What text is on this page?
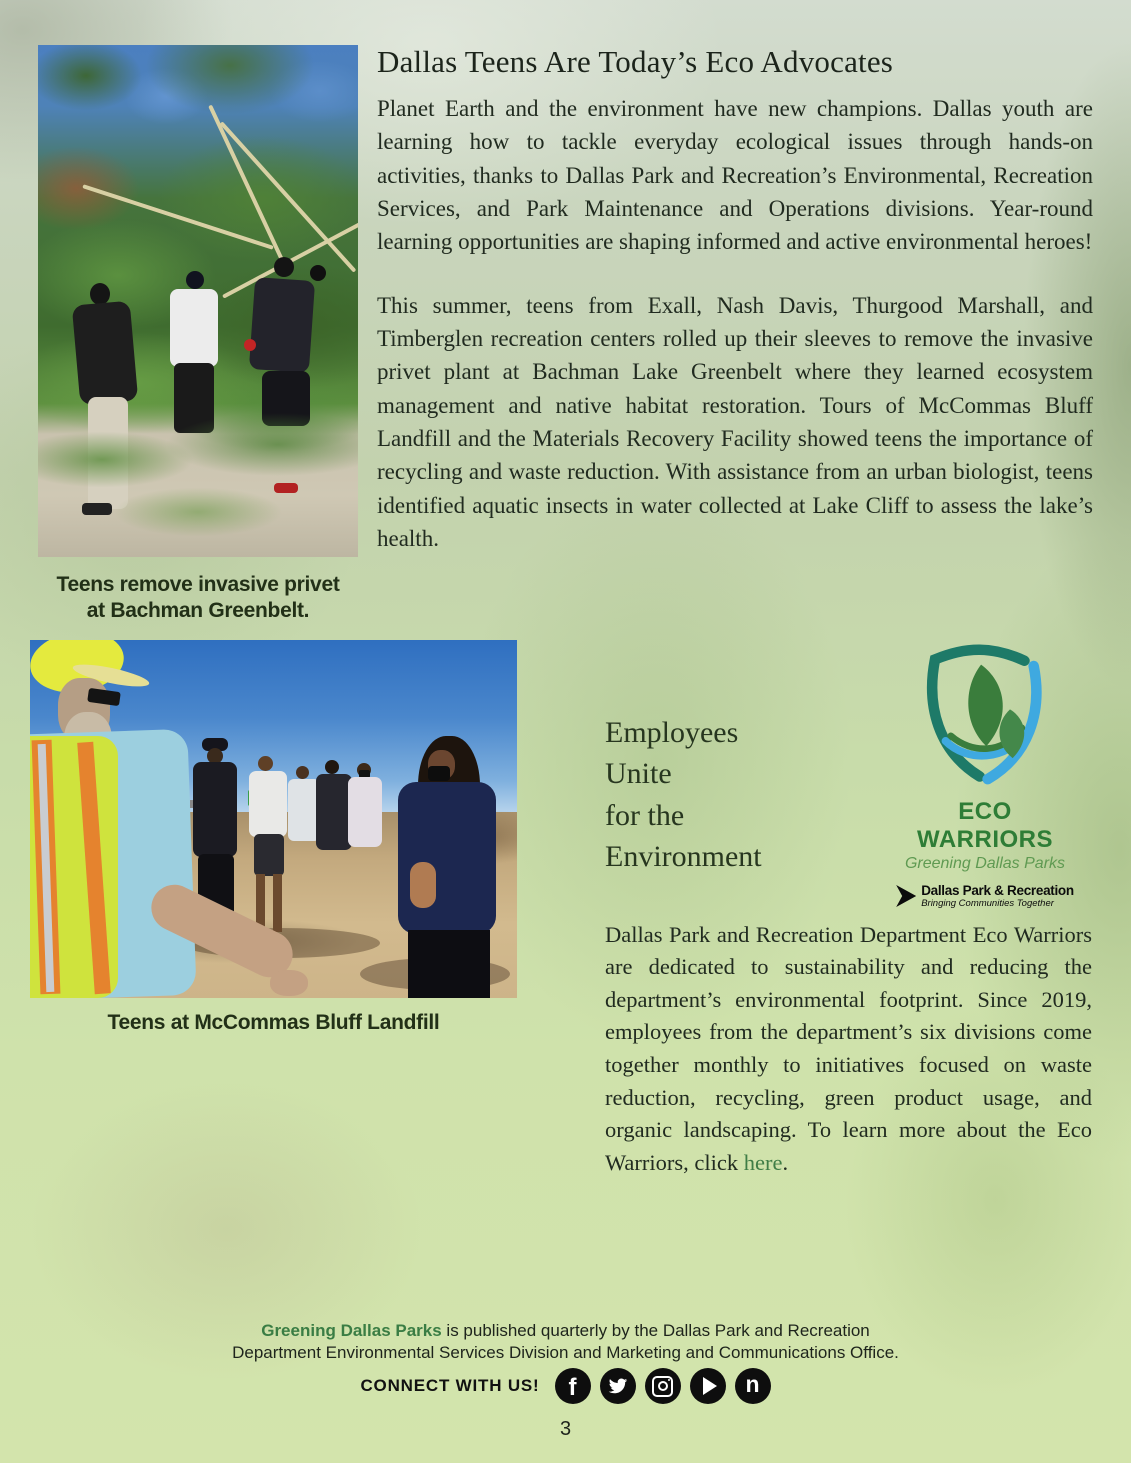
Teens remove invasive privet
at Bachman Greenbelt.
Dallas Teens Are Today’s Eco Advocates

Planet Earth and the environment have new champions. Dallas youth are learning how to tackle everyday ecological issues through hands-on activities, thanks to Dallas Park and Recreation’s Environmental, Recreation Services, and Park Maintenance and Operations divisions. Year-round learning opportunities are shaping informed and active environmental heroes!

This summer, teens from Exall, Nash Davis, Thurgood Marshall, and Timberglen recreation centers rolled up their sleeves to remove the invasive privet plant at Bachman Lake Greenbelt where they learned ecosystem management and native habitat restoration. Tours of McCommas Bluff Landfill and the Materials Recovery Facility showed teens the importance of recycling and waste reduction. With assistance from an urban biologist, teens identified aquatic insects in water collected at Lake Cliff to assess the lake’s health.

Teens at McCommas Bluff Landfill
Employees
Unite
for the
Environment
ECO WARRIORS
Greening Dallas Parks
Dallas Park & Recreation
Bringing Communities Together

Dallas Park and Recreation Department Eco Warriors are dedicated to sustainability and reducing the department’s environmental footprint. Since 2019, employees from the department’s six divisions come together monthly to initiatives focused on waste reduction, recycling, green product usage, and organic landscaping. To learn more about the Eco Warriors, click here.

Greening Dallas Parks is published quarterly by the Dallas Park and Recreation
Department Environmental Services Division and Marketing and Communications Office.
CONNECT WITH US! f	n
3
